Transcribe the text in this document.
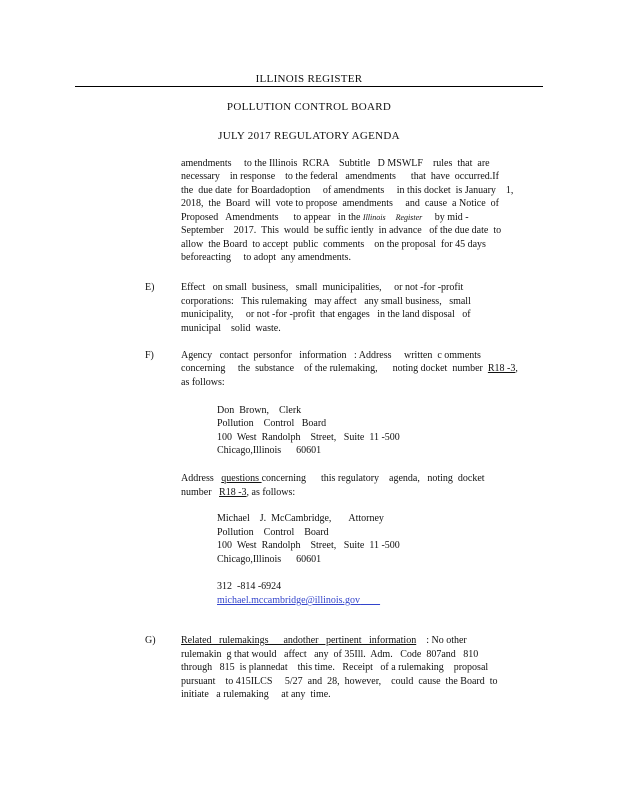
ILLINOIS REGISTER
POLLUTION CONTROL BOARD
JULY 2017 REGULATORY AGENDA
amendments     to the Illinois  RCRA    Subtitle   D MSWLF    rules  that  are
necessary    in response    to the federal   amendments      that  have  occurred.If
the  due date  for Boardadoption     of amendments     in this docket  is January    1,
2018,  the  Board  will  vote to propose  amendments     and  cause  a Notice  of
Proposed   Amendments      to appear   in the Illinois     Register     by mid -
September    2017.  This  would  be suffic iently  in advance   of the due date  to
allow  the Board  to accept  public  comments    on the proposal  for 45 days
beforeacting     to adopt  any amendments.
E)	Effect   on small  business,   small  municipalities,     or not -for -profit
corporations:   This rulemaking   may affect   any small business,   small
municipality,     or not -for -profit  that engages   in the land disposal   of
municipal    solid  waste.
F)	Agency   contact  personfor   information   : Address     written  c omments
concerning     the  substance    of the rulemaking,      noting docket  number  R18 -3,
as follows:
Don  Brown,    Clerk
Pollution    Control   Board
100  West  Randolph    Street,   Suite  11 -500
Chicago,Illinois      60601
Address   questions concerning      this regulatory    agenda,   noting  docket
number   R18 -3, as follows:
Michael    J.  McCambridge,       Attorney
Pollution    Control    Board
100  West  Randolph    Street,   Suite  11 -500
Chicago,Illinois      60601
312  -814 -6924
michael.mccambridge@illinois.gov
G)	Related   rulemakings      andother   pertinent   information    : No other
rulemakin  g that would   affect   any  of 35Ill.  Adm.   Code  807and   810
through   815  is plannedat    this time.   Receipt   of a rulemaking    proposal
pursuant    to 415ILCS     5/27  and  28,  however,    could  cause  the Board  to
initiate   a rulemaking     at any  time.
